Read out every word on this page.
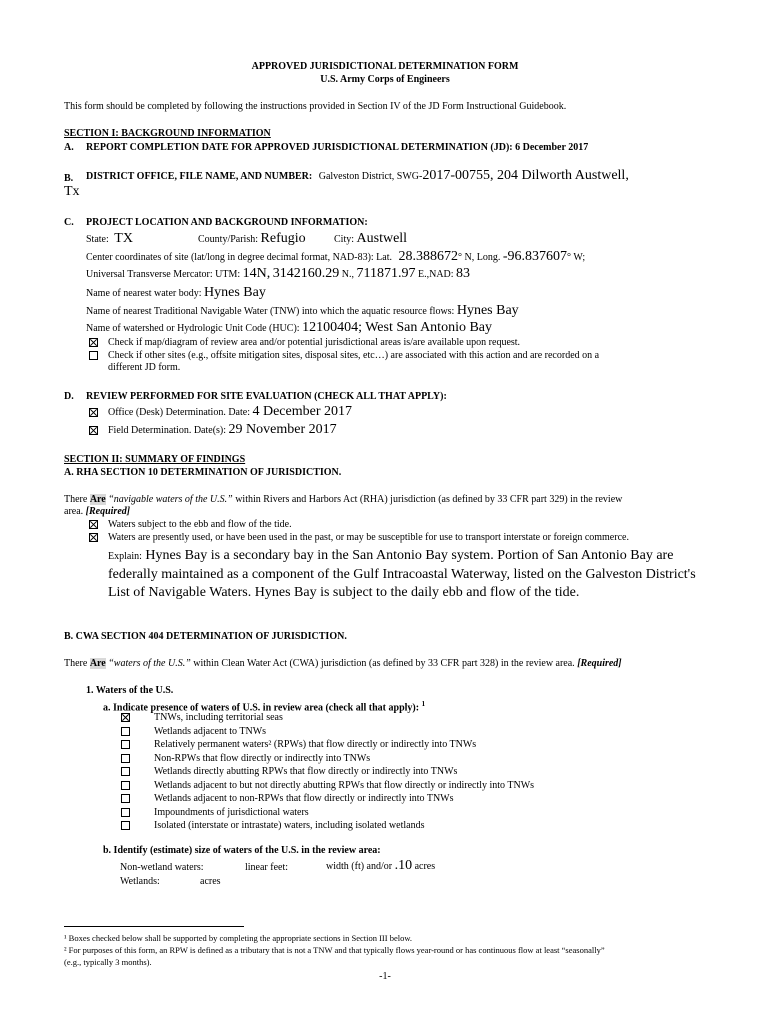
APPROVED JURISDICTIONAL DETERMINATION FORM
U.S. Army Corps of Engineers
This form should be completed by following the instructions provided in Section IV of the JD Form Instructional Guidebook.
SECTION I: BACKGROUND INFORMATION
A. REPORT COMPLETION DATE FOR APPROVED JURISDICTIONAL DETERMINATION (JD): 6 December 2017
B. DISTRICT OFFICE, FILE NAME, AND NUMBER: Galveston District, SWG-2017-00755, 204 Dilworth Austwell,
Tx
C. PROJECT LOCATION AND BACKGROUND INFORMATION:
State: TX	County/Parish: Refugio	City: Austwell
Center coordinates of site (lat/long in degree decimal format, NAD-83): Lat. 28.388672° N, Long. -96.837607° W;
Universal Transverse Mercator: UTM: 14N, 3142160.29 N., 711871.97 E.,NAD: 83
Name of nearest water body: Hynes Bay
Name of nearest Traditional Navigable Water (TNW) into which the aquatic resource flows: Hynes Bay
Name of watershed or Hydrologic Unit Code (HUC): 12100404; West San Antonio Bay
Check if map/diagram of review area and/or potential jurisdictional areas is/are available upon request.
Check if other sites (e.g., offsite mitigation sites, disposal sites, etc…) are associated with this action and are recorded on a
different JD form.
D. REVIEW PERFORMED FOR SITE EVALUATION (CHECK ALL THAT APPLY):
Office (Desk) Determination. Date: 4 December 2017
Field Determination. Date(s): 29 November 2017
SECTION II: SUMMARY OF FINDINGS
A. RHA SECTION 10 DETERMINATION OF JURISDICTION.
There Are “navigable waters of the U.S.” within Rivers and Harbors Act (RHA) jurisdiction (as defined by 33 CFR part 329) in the review
area. [Required]
Waters subject to the ebb and flow of the tide.
Waters are presently used, or have been used in the past, or may be susceptible for use to transport interstate or foreign commerce.
Explain: Hynes Bay is a secondary bay in the San Antonio Bay system. Portion of San Antonio Bay are federally maintained as a component of the Gulf Intracoastal Waterway, listed on the Galveston District's List of Navigable Waters. Hynes Bay is subject to the daily ebb and flow of the tide.
B. CWA SECTION 404 DETERMINATION OF JURISDICTION.
There Are “waters of the U.S.” within Clean Water Act (CWA) jurisdiction (as defined by 33 CFR part 328) in the review area. [Required]
1. Waters of the U.S.
a. Indicate presence of waters of U.S. in review area (check all that apply): $^1$
TNWs, including territorial seas
Wetlands adjacent to TNWs
Relatively permanent waters² (RPWs) that flow directly or indirectly into TNWs
Non-RPWs that flow directly or indirectly into TNWs
Wetlands directly abutting RPWs that flow directly or indirectly into TNWs
Wetlands adjacent to but not directly abutting RPWs that flow directly or indirectly into TNWs
Wetlands adjacent to non-RPWs that flow directly or indirectly into TNWs
Impoundments of jurisdictional waters
Isolated (interstate or intrastate) waters, including isolated wetlands
b. Identify (estimate) size of waters of the U.S. in the review area:
Non-wetland waters:	linear feet:	width (ft) and/or .10 acres
Wetlands:	acres
¹ Boxes checked below shall be supported by completing the appropriate sections in Section III below.
² For purposes of this form, an RPW is defined as a tributary that is not a TNW and that typically flows year-round or has continuous flow at least “seasonally”
(e.g., typically 3 months).
-1-
